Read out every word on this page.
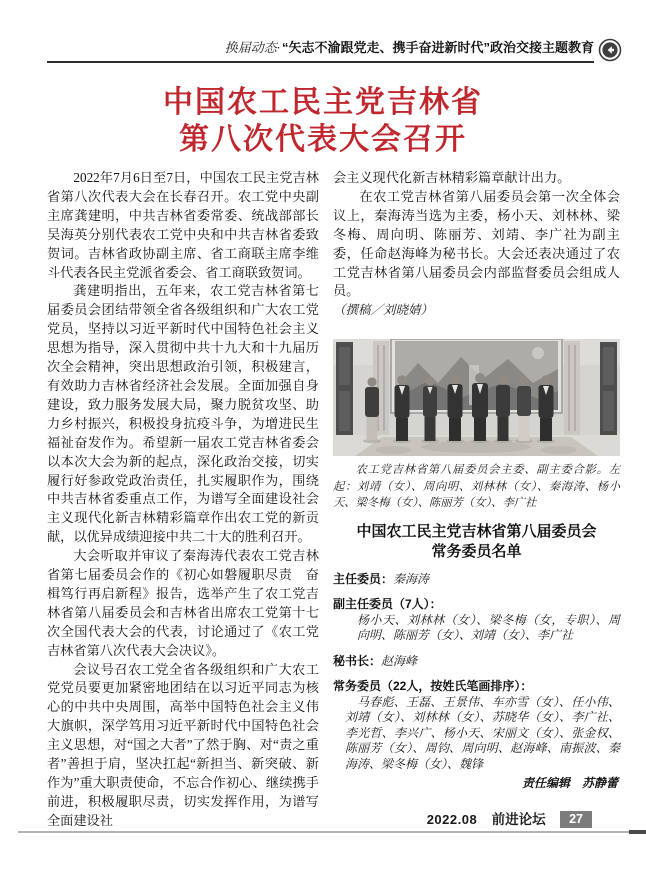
换届动态· “矢志不渝跟党走、携手奋进新时代”政治交接主题教育
中国农工民主党吉林省
第八次代表大会召开

2022年7月6日至7日，中国农工民主党吉林省第八次代表大会在长春召开。农工党中央副主席龚建明，中共吉林省委常委、统战部部长吴海英分别代表农工党中央和中共吉林省委致贺词。吉林省政协副主席、省工商联主席李维斗代表各民主党派省委会、省工商联致贺词。

龚建明指出，五年来，农工党吉林省第七届委员会团结带领全省各级组织和广大农工党党员，坚持以习近平新时代中国特色社会主义思想为指导，深入贯彻中共十九大和十九届历次全会精神，突出思想政治引领，积极建言，有效助力吉林省经济社会发展。全面加强自身建设，致力服务发展大局，聚力脱贫攻坚、助力乡村振兴，积极投身抗疫斗争，为增进民生福祉奋发作为。希望新一届农工党吉林省委会以本次大会为新的起点，深化政治交接，切实履行好参政党政治责任，扎实履职作为，围绕中共吉林省委重点工作，为谱写全面建设社会主义现代化新吉林精彩篇章作出农工党的新贡献，以优异成绩迎接中共二十大的胜利召开。

大会听取并审议了秦海涛代表农工党吉林省第七届委员会作的《初心如磐履职尽责　奋楫笃行再启新程》报告，选举产生了农工党吉林省第八届委员会和吉林省出席农工党第十七次全国代表大会的代表，讨论通过了《农工党吉林省第八次代表大会决议》。

会议号召农工党全省各级组织和广大农工党党员要更加紧密地团结在以习近平同志为核心的中共中央周围，高举中国特色社会主义伟大旗帜，深学笃用习近平新时代中国特色社会主义思想，对“国之大者”了然于胸、对“责之重者”善担于肩，坚决扛起“新担当、新突破、新作为”重大职责使命，不忘合作初心、继续携手前进，积极履职尽责，切实发挥作用，为谱写全面建设社

会主义现代化新吉林精彩篇章献计出力。

在农工党吉林省第八届委员会第一次全体会议上，秦海涛当选为主委，杨小天、刘林林、梁冬梅、周向明、陈丽芳、刘靖、李广社为副主委，任命赵海峰为秘书长。大会还表决通过了农工党吉林省第八届委员会内部监督委员会组成人员。

（撰稿／刘晓婧）

农工党吉林省第八届委员会主委、副主委合影。左起：刘靖（女）、周向明、刘林林（女）、秦海涛、杨小天、梁冬梅（女）、陈丽芳（女）、李广社

中国农工民主党吉林省第八届委员会
常务委员名单
主任委员：秦海涛
副主任委员（7人）：
杨小天、刘林林（女）、梁冬梅（女，专职）、周向明、陈丽芳（女）、刘靖（女）、李广社
秘书长：赵海峰
常务委员（22人，按姓氏笔画排序）：
马春彪、王磊、王景伟、车亦雪（女）、任小伟、刘靖（女）、刘林林（女）、苏晓华（女）、李广社、李光哲、李兴广、杨小天、宋丽文（女）、张金权、陈丽芳（女）、周钧、周向明、赵海峰、南振波、秦海涛、梁冬梅（女）、魏锋
责任编辑　苏静蕾
2022.08 前进论坛 27
